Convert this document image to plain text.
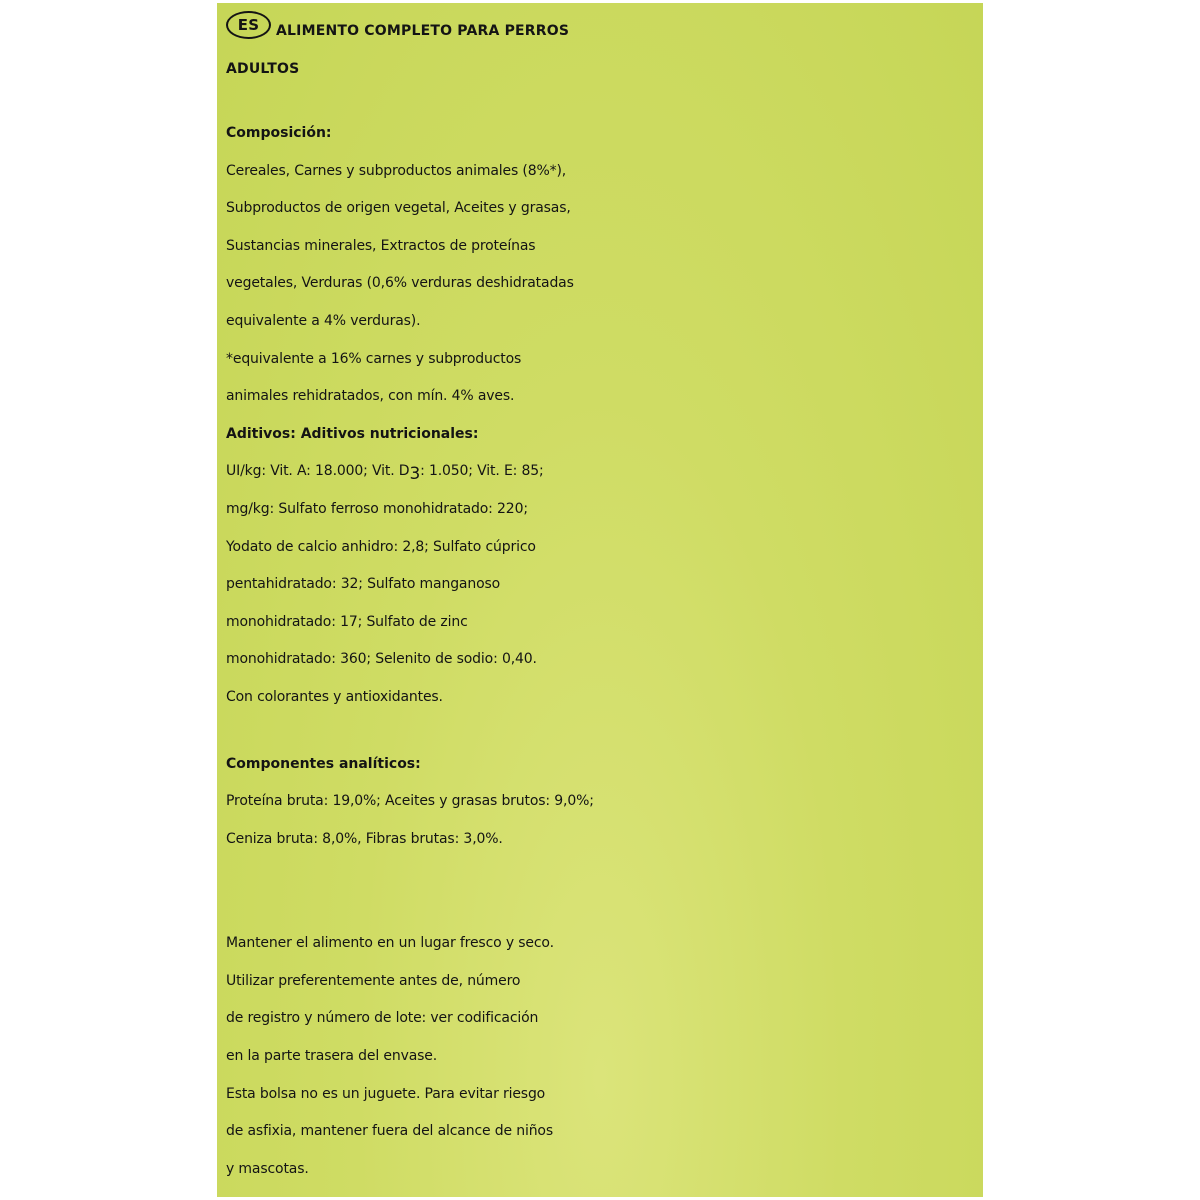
ES ALIMENTO COMPLETO PARA PERROS

ADULTOS

Composición:

Cereales, Carnes y subproductos animales (8%*),

Subproductos de origen vegetal, Aceites y grasas,

Sustancias minerales, Extractos de proteínas

vegetales, Verduras (0,6% verduras deshidratadas

equivalente a 4% verduras).

*equivalente a 16% carnes y subproductos

animales rehidratados, con mín. 4% aves.

Aditivos: Aditivos nutricionales:

UI/kg: Vit. A: 18.000; Vit. $D_3$: 1.050; Vit. E: 85;

mg/kg: Sulfato ferroso monohidratado: 220;

Yodato de calcio anhidro: 2,8; Sulfato cúprico

pentahidratado: 32; Sulfato manganoso

monohidratado: 17; Sulfato de zinc

monohidratado: 360; Selenito de sodio: 0,40.

Con colorantes y antioxidantes.

Componentes analíticos:

Proteína bruta: 19,0%; Aceites y grasas brutos: 9,0%;

Ceniza bruta: 8,0%, Fibras brutas: 3,0%.

Mantener el alimento en un lugar fresco y seco.

Utilizar preferentemente antes de, número

de registro y número de lote: ver codificación

en la parte trasera del envase.

Esta bolsa no es un juguete. Para evitar riesgo

de asfixia, mantener fuera del alcance de niños

y mascotas.
